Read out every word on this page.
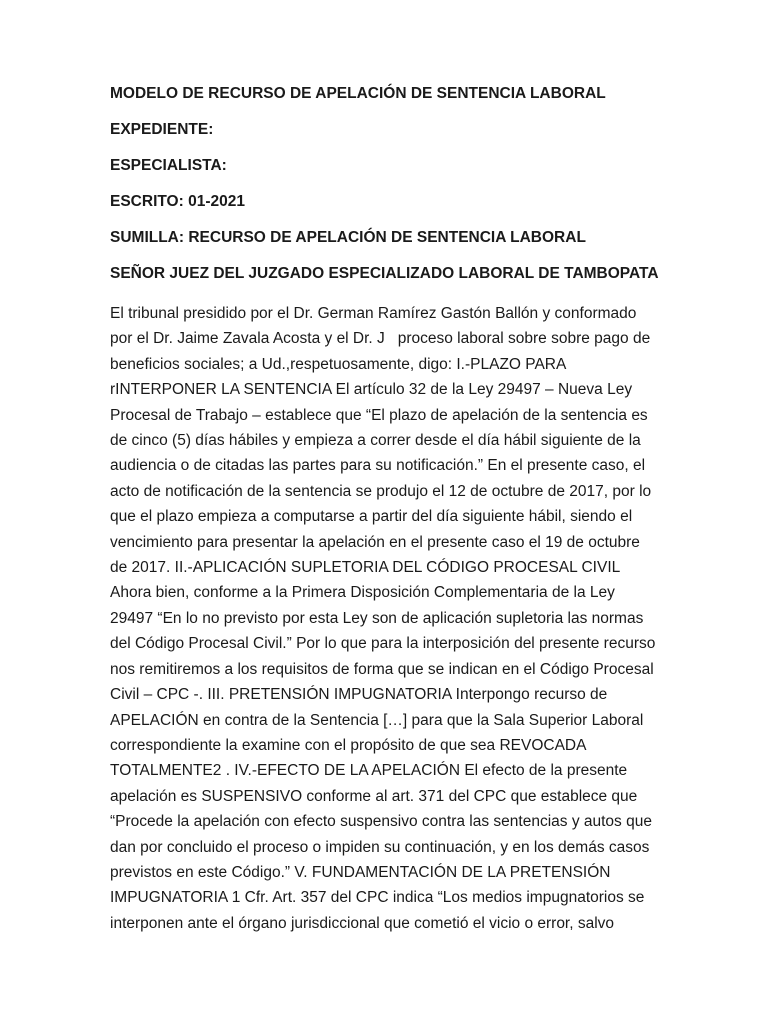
MODELO DE RECURSO DE APELACIÓN DE SENTENCIA LABORAL
EXPEDIENTE:
ESPECIALISTA:
ESCRITO: 01-2021
SUMILLA: RECURSO DE APELACIÓN DE SENTENCIA LABORAL
SEÑOR JUEZ DEL JUZGADO ESPECIALIZADO LABORAL DE TAMBOPATA

El tribunal presidido por el Dr. German Ramírez Gastón Ballón y conformado
por el Dr. Jaime Zavala Acosta y el Dr. J   proceso laboral sobre sobre pago de
beneficios sociales; a Ud.,respetuosamente, digo: I.-PLAZO PARA
rINTERPONER LA SENTENCIA El artículo 32 de la Ley 29497 – Nueva Ley
Procesal de Trabajo – establece que “El plazo de apelación de la sentencia es
de cinco (5) días hábiles y empieza a correr desde el día hábil siguiente de la
audiencia o de citadas las partes para su notificación.” En el presente caso, el
acto de notificación de la sentencia se produjo el 12 de octubre de 2017, por lo
que el plazo empieza a computarse a partir del día siguiente hábil, siendo el
vencimiento para presentar la apelación en el presente caso el 19 de octubre
de 2017. II.-APLICACIÓN SUPLETORIA DEL CÓDIGO PROCESAL CIVIL
Ahora bien, conforme a la Primera Disposición Complementaria de la Ley
29497 “En lo no previsto por esta Ley son de aplicación supletoria las normas
del Código Procesal Civil.” Por lo que para la interposición del presente recurso
nos remitiremos a los requisitos de forma que se indican en el Código Procesal
Civil – CPC -. III. PRETENSIÓN IMPUGNATORIA Interpongo recurso de
APELACIÓN en contra de la Sentencia […] para que la Sala Superior Laboral
correspondiente la examine con el propósito de que sea REVOCADA
TOTALMENTE2 . IV.-EFECTO DE LA APELACIÓN El efecto de la presente
apelación es SUSPENSIVO conforme al art. 371 del CPC que establece que
“Procede la apelación con efecto suspensivo contra las sentencias y autos que
dan por concluido el proceso o impiden su continuación, y en los demás casos
previstos en este Código.” V. FUNDAMENTACIÓN DE LA PRETENSIÓN
IMPUGNATORIA 1 Cfr. Art. 357 del CPC indica “Los medios impugnatorios se
interponen ante el órgano jurisdiccional que cometió el vicio o error, salvo
